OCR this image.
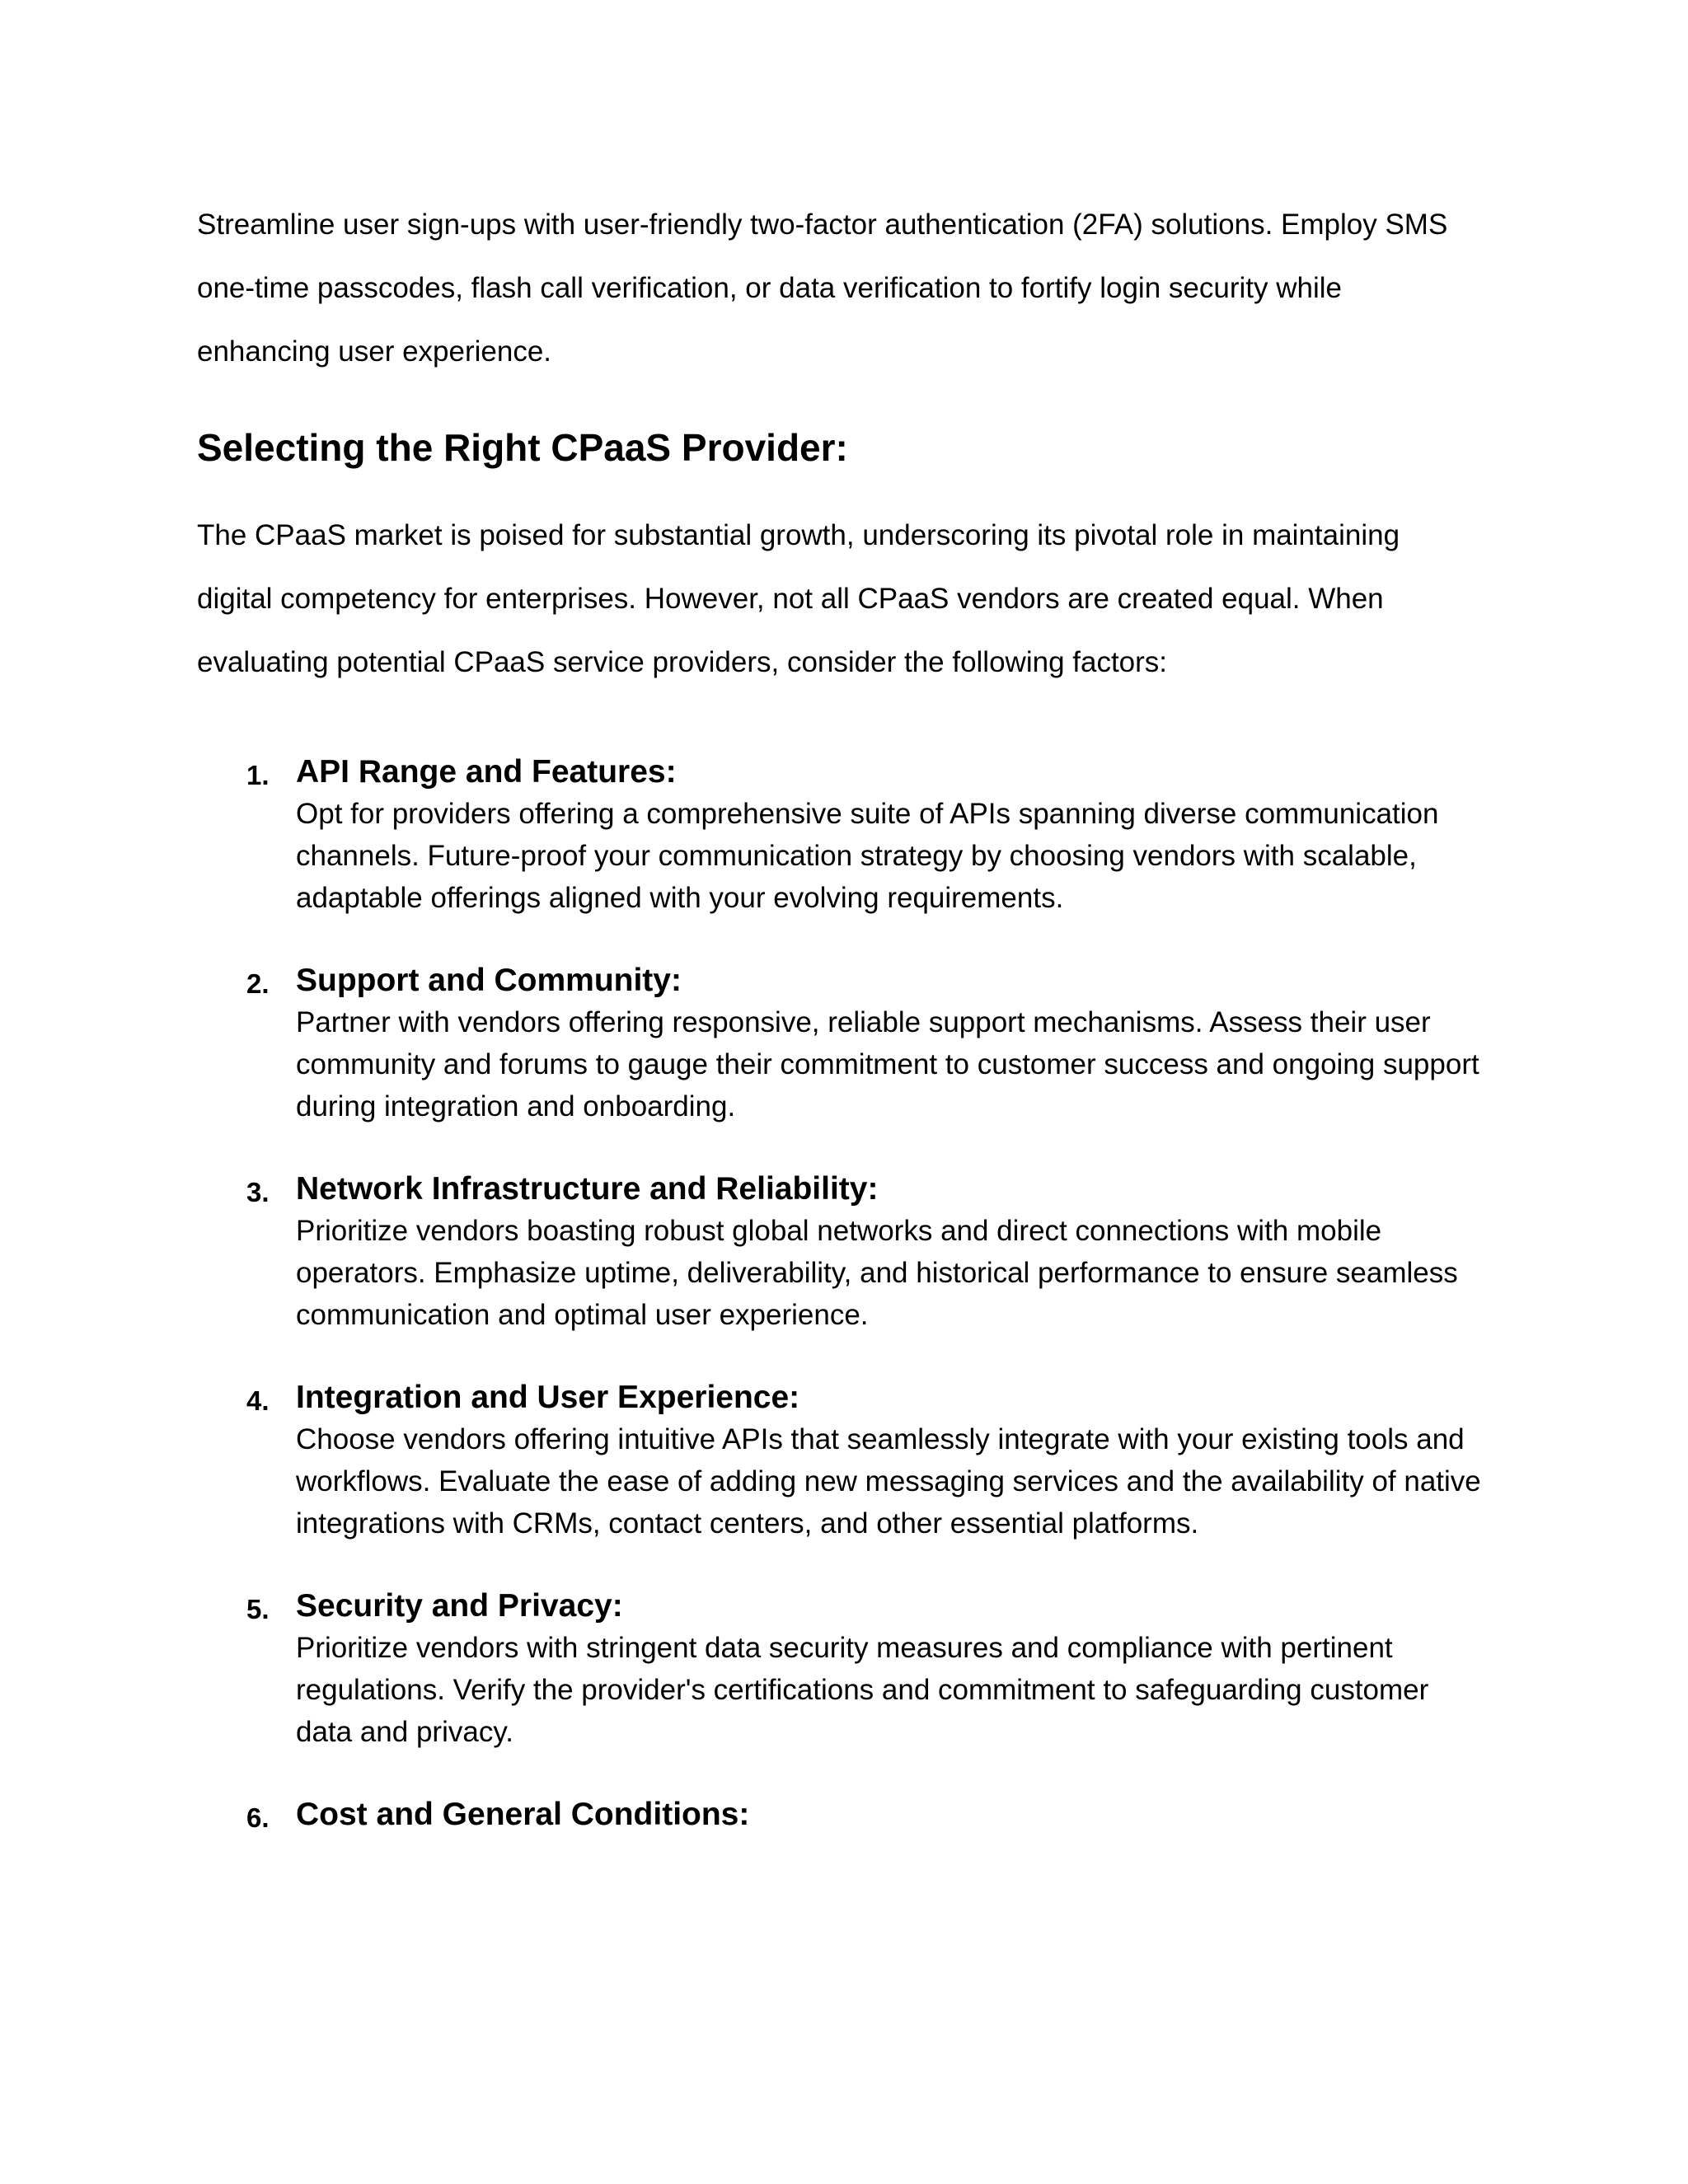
Streamline user sign-ups with user-friendly two-factor authentication (2FA) solutions. Employ SMS one-time passcodes, flash call verification, or data verification to fortify login security while enhancing user experience.

Selecting the Right CPaaS Provider:

The CPaaS market is poised for substantial growth, underscoring its pivotal role in maintaining digital competency for enterprises. However, not all CPaaS vendors are created equal. When evaluating potential CPaaS service providers, consider the following factors:

1. API Range and Features:

Opt for providers offering a comprehensive suite of APIs spanning diverse communication channels. Future-proof your communication strategy by choosing vendors with scalable, adaptable offerings aligned with your evolving requirements.

2. Support and Community:

Partner with vendors offering responsive, reliable support mechanisms. Assess their user community and forums to gauge their commitment to customer success and ongoing support during integration and onboarding.

3. Network Infrastructure and Reliability:

Prioritize vendors boasting robust global networks and direct connections with mobile operators. Emphasize uptime, deliverability, and historical performance to ensure seamless communication and optimal user experience.

4. Integration and User Experience:

Choose vendors offering intuitive APIs that seamlessly integrate with your existing tools and workflows. Evaluate the ease of adding new messaging services and the availability of native integrations with CRMs, contact centers, and other essential platforms.

5. Security and Privacy:

Prioritize vendors with stringent data security measures and compliance with pertinent regulations. Verify the provider's certifications and commitment to safeguarding customer data and privacy.

6. Cost and General Conditions:
